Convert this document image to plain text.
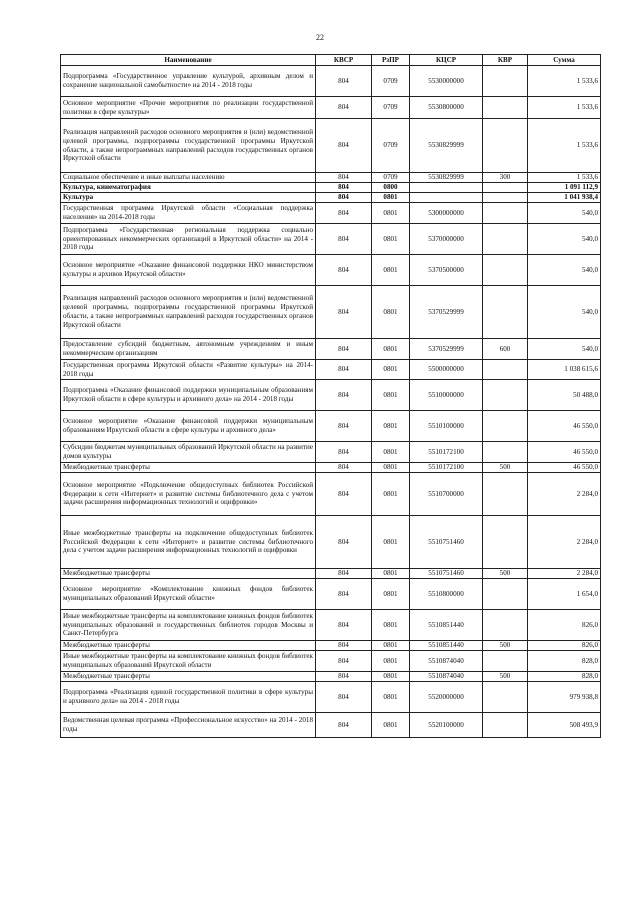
22
Наименование	КВСР	РзПР	КЦСР	КВР	Сумма
Подпрограмма «Государственное управление культурой, архивным делом и сохранение национальной самобытности» на 2014 - 2018 годы	804	0709	5530000000		1 533,6
Основное мероприятие «Прочие мероприятия по реализации государственной политики в сфере культуры»	804	0709	5530800000		1 533,6
Реализация направлений расходов основного мероприятия и (или) ведомственной целевой программы, подпрограммы государственной программы Иркутской области, а также непрограммных направлений расходов государственных органов Иркутской области	804	0709	5530829999		1 533,6
Социальное обеспечение и иные выплаты населению	804	0709	5530829999	300	1 533,6
Культура, кинематография	804	0800			1 091 112,9
Культура	804	0801			1 041 938,4
Государственная программа Иркутской области «Социальная поддержка населения» на 2014-2018 годы	804	0801	5300000000		540,0
Подпрограмма «Государственная региональная поддержка социально ориентированных некоммерческих организаций в Иркутской области» на 2014 - 2018 годы	804	0801	5370000000		540,0
Основное мероприятие «Оказание финансовой поддержки НКО министерством культуры и архивов Иркутской области»	804	0801	5370500000		540,0
Реализация направлений расходов основного мероприятия и (или) ведомственной целевой программы, подпрограммы государственной программы Иркутской области, а также непрограммных направлений расходов государственных органов Иркутской области	804	0801	5370529999		540,0
Предоставление субсидий бюджетным, автономным учреждениям и иным некоммерческим организациям	804	0801	5370529999	600	540,0
Государственная программа Иркутской области «Развитие культуры» на 2014-2018 годы	804	0801	5500000000		1 038 615,6
Подпрограмма «Оказание финансовой поддержки муниципальным образованиям Иркутской области в сфере культуры и архивного дела» на 2014 - 2018 годы	804	0801	5510000000		50 488,0
Основное мероприятие «Оказание финансовой поддержки муниципальным образованиям Иркутской области в сфере культуры и архивного дела»	804	0801	5510100000		46 550,0
Субсидии бюджетам муниципальных образований Иркутской области на развитие домов культуры	804	0801	5510172100		46 550,0
Межбюджетные трансферты	804	0801	5510172100	500	46 550,0
Основное мероприятие «Подключение общедоступных библиотек Российской Федерации к сети «Интернет» и развитие системы библиотечного дела с учетом задачи расширения информационных технологий и оцифровки»	804	0801	5510700000		2 284,0
Иные межбюджетные трансферты на подключение общедоступных библиотек Российской Федерации к сети «Интернет» и развитие системы библиотечного дела с учетом задачи расширения информационных технологий и оцифровки	804	0801	5510751460		2 284,0
Межбюджетные трансферты	804	0801	5510751460	500	2 284,0
Основное мероприятие «Комплектование книжных фондов библиотек муниципальных образований Иркутской области»	804	0801	5510800000		1 654,0
Иные межбюджетные трансферты на комплектование книжных фондов библиотек муниципальных образований и государственных библиотек городов Москвы и Санкт-Петербурга	804	0801	5510851440		826,0
Межбюджетные трансферты	804	0801	5510851440	500	826,0
Иные межбюджетные трансферты на комплектование книжных фондов библиотек муниципальных образований Иркутской области	804	0801	5510874040		828,0
Межбюджетные трансферты	804	0801	5510874040	500	828,0
Подпрограмма «Реализация единой государственной политики в сфере культуры и архивного дела» на 2014 - 2018 годы	804	0801	5520000000		979 938,8
Ведомственная целевая программа «Профессиональное искусство» на 2014 - 2018 годы	804	0801	5520100000		508 493,9
